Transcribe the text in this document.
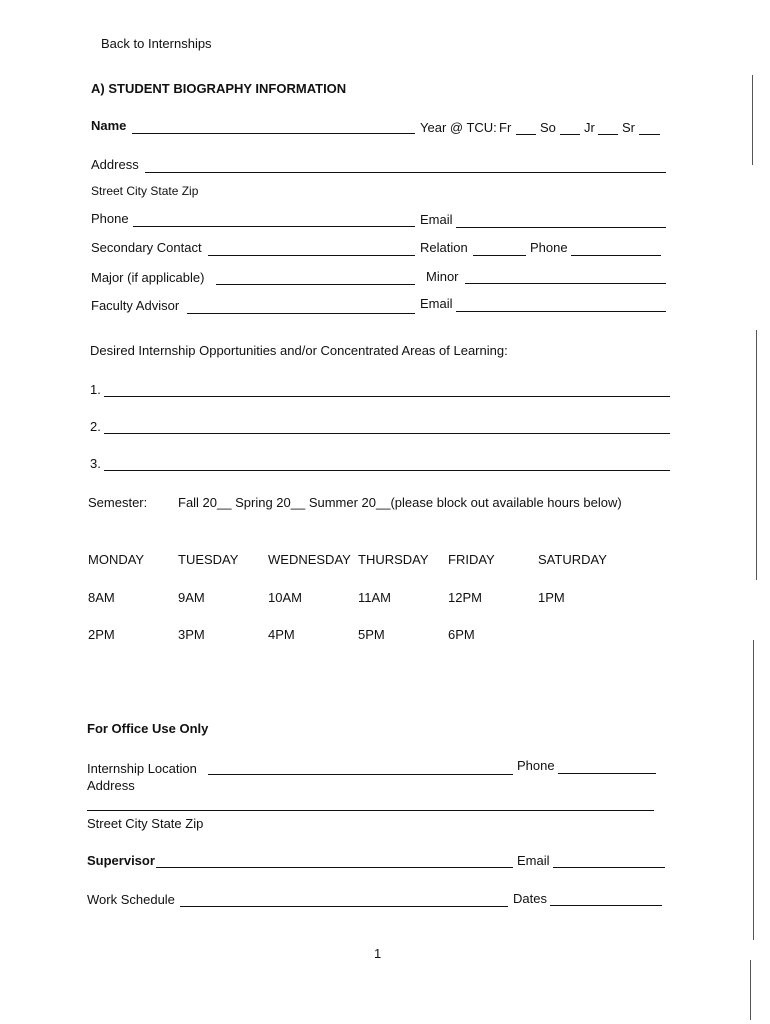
Back to Internships
A) STUDENT BIOGRAPHY INFORMATION
Name	Year @ TCU: Fr So Jr Sr
Address
Street City State Zip
Phone	Email
Secondary Contact	Relation	Phone
Major (if applicable)	Minor
Faculty Advisor	Email
Desired Internship Opportunities and/or Concentrated Areas of Learning:
1.
2.
3.
Semester: Fall 20__ Spring 20__ Summer 20__(please block out available hours below)
MONDAY	TUESDAY WEDNESDAY THURSDAY FRIDAY	SATURDAY
8AM	9AM	10AM	11AM	12PM	1PM
2PM	3PM	4PM	5PM	6PM
For Office Use Only
Internship Location	Phone
Address
Street City State Zip
Supervisor	Email
Work Schedule	Dates
1
